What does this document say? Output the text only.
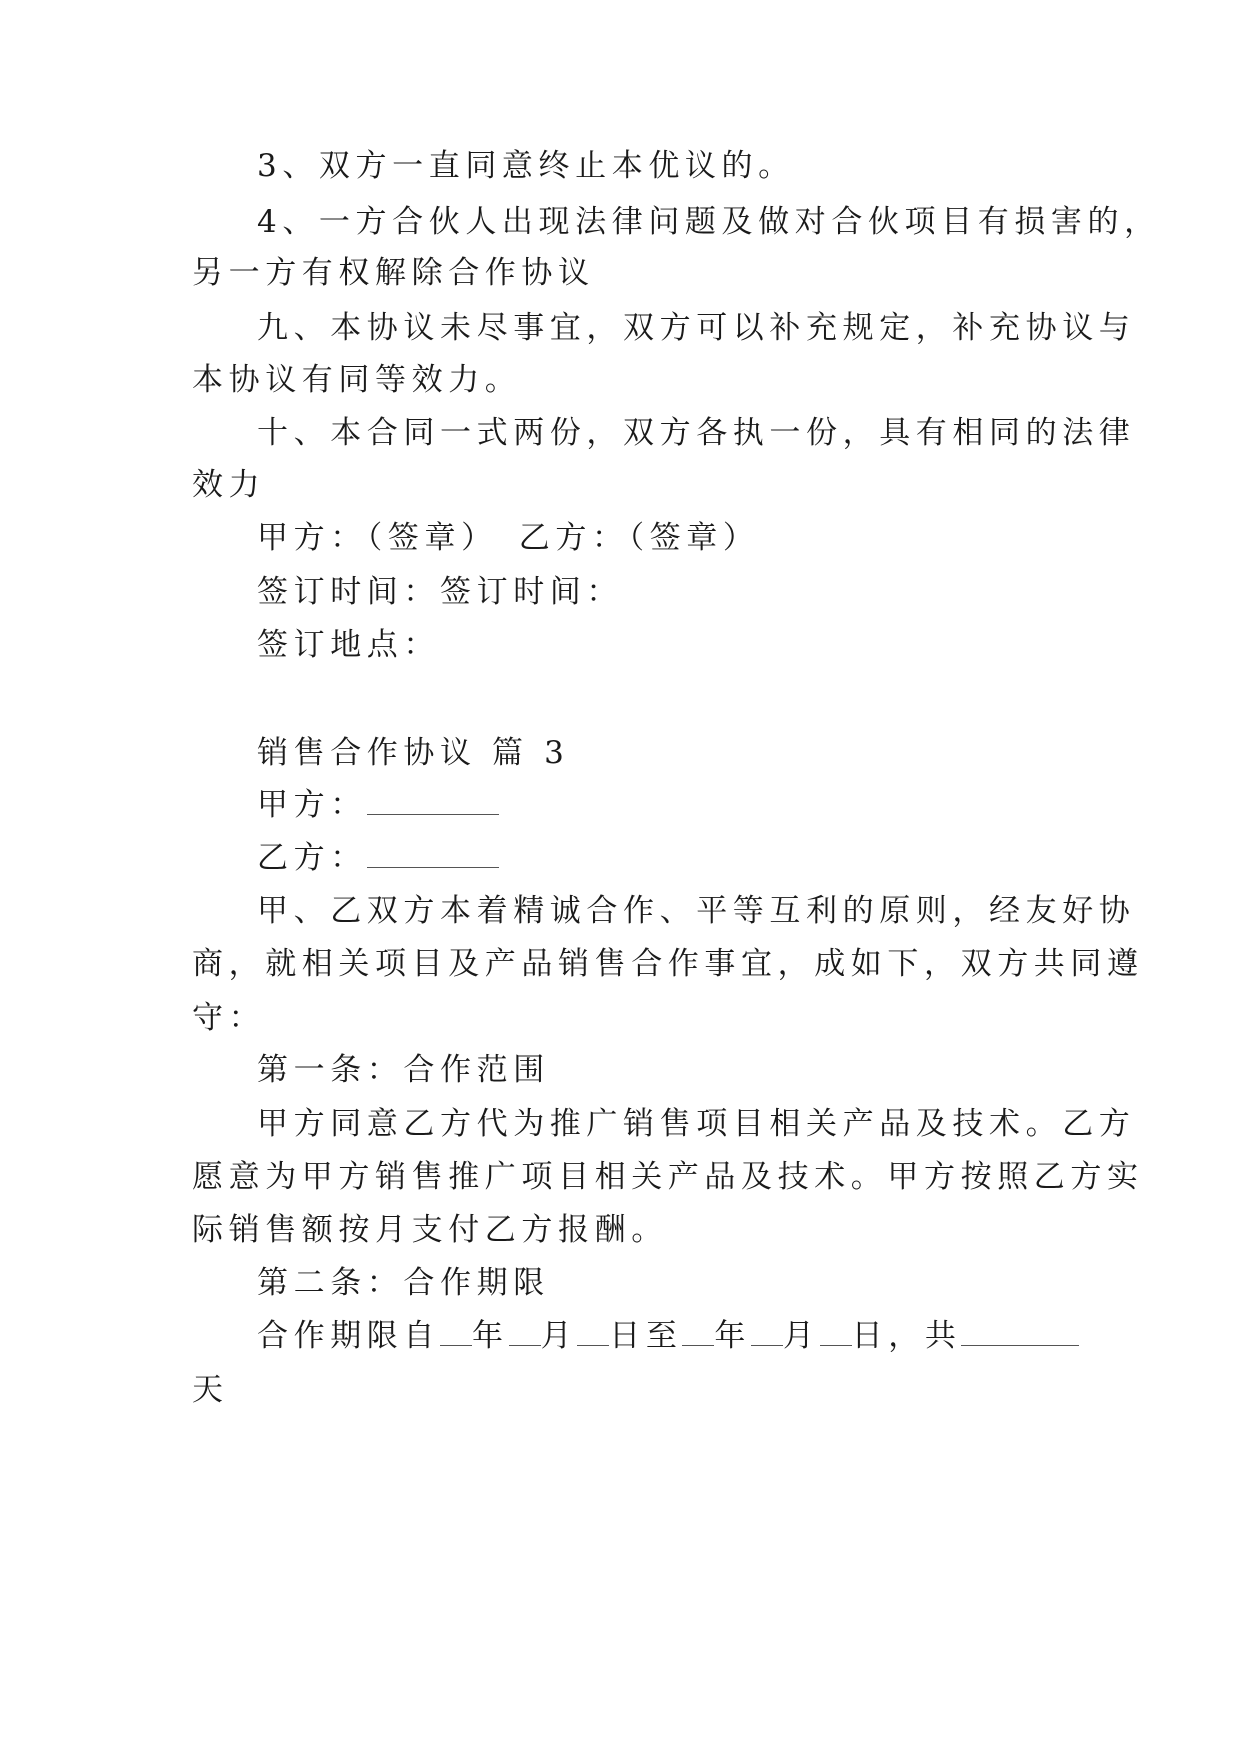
3、双方一直同意终止本优议的。
4、一方合伙人出现法律问题及做对合伙项目有损害的，
另一方有权解除合作协议
九、本协议未尽事宜，双方可以补充规定，补充协议与
本协议有同等效力。
十、本合同一式两份，双方各执一份，具有相同的法律
效力
甲方：（签章）　乙方：（签章）
签订时间：签订时间：
签订地点：
销售合作协议 篇 3
甲方：
乙方：
甲、乙双方本着精诚合作、平等互利的原则，经友好协
商，就相关项目及产品销售合作事宜，成如下，双方共同遵
守：
第一条：合作范围
甲方同意乙方代为推广销售项目相关产品及技术。乙方
愿意为甲方销售推广项目相关产品及技术。甲方按照乙方实
际销售额按月支付乙方报酬。
第二条：合作期限
合作期限自 年 月 日至 年 月 日，共
天
